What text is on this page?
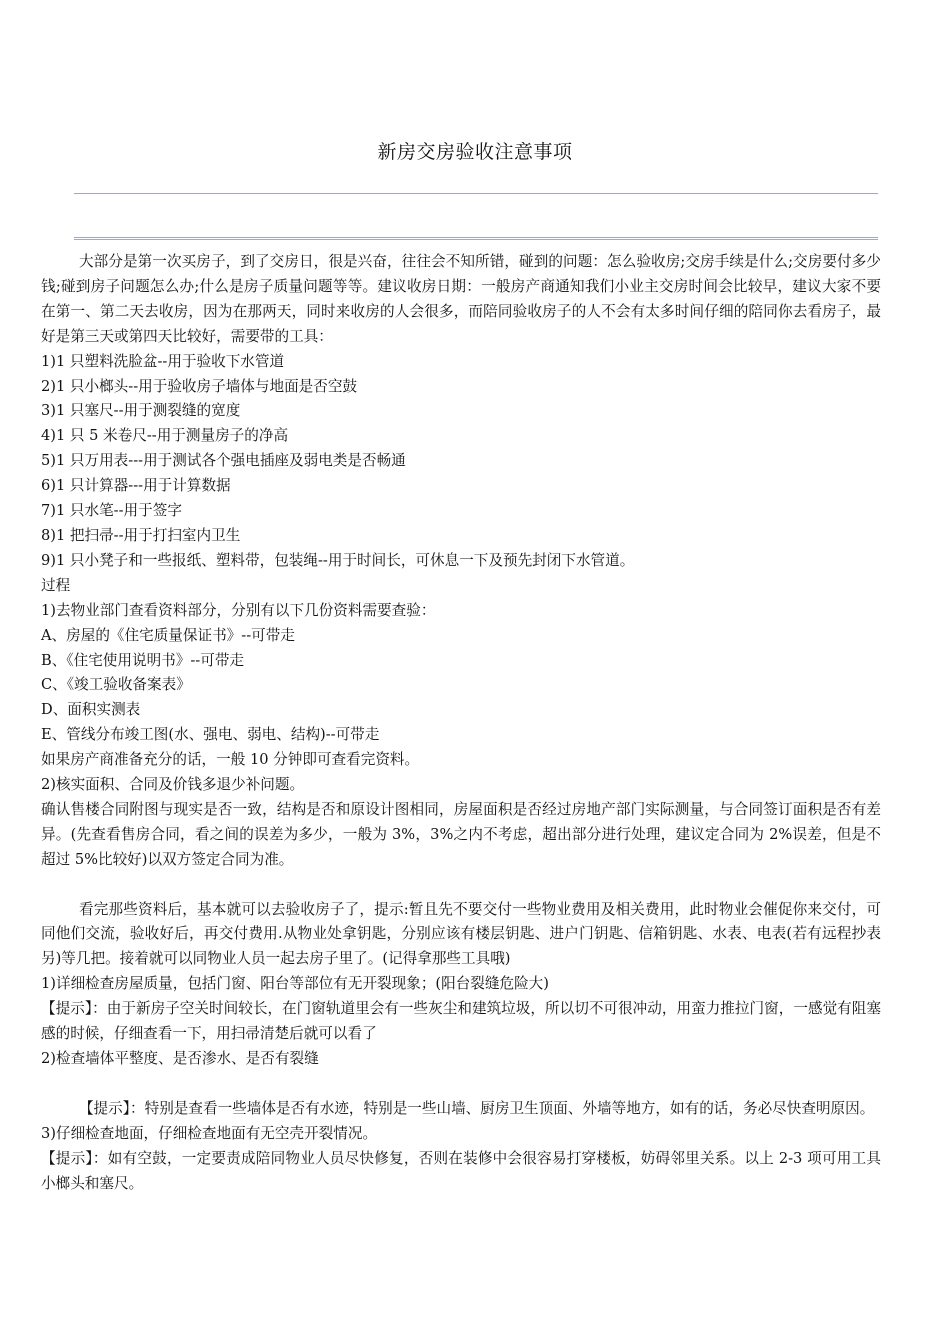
新房交房验收注意事项

大部分是第一次买房子，到了交房日，很是兴奋，往往会不知所错，碰到的问题：怎么验收房;交房手续是什么;交房要付多少钱;碰到房子问题怎么办;什么是房子质量问题等等。建议收房日期：一般房产商通知我们小业主交房时间会比较早，建议大家不要在第一、第二天去收房，因为在那两天，同时来收房的人会很多，而陪同验收房子的人不会有太多时间仔细的陪同你去看房子，最好是第三天或第四天比较好，需要带的工具：

1)1 只塑料洗脸盆--用于验收下水管道

2)1 只小榔头--用于验收房子墙体与地面是否空鼓

3)1 只塞尺--用于测裂缝的宽度

4)1 只 5 米卷尺--用于测量房子的净高

5)1 只万用表---用于测试各个强电插座及弱电类是否畅通

6)1 只计算器---用于计算数据

7)1 只水笔--用于签字

8)1 把扫帚--用于打扫室内卫生

9)1 只小凳子和一些报纸、塑料带，包装绳--用于时间长，可休息一下及预先封闭下水管道。

过程

1)去物业部门查看资料部分，分别有以下几份资料需要查验：

A、房屋的《住宅质量保证书》--可带走

B、《住宅使用说明书》--可带走

C、《竣工验收备案表》

D、面积实测表

E、管线分布竣工图(水、强电、弱电、结构)--可带走

如果房产商准备充分的话，一般 10 分钟即可查看完资料。

2)核实面积、合同及价钱多退少补问题。

确认售楼合同附图与现实是否一致，结构是否和原设计图相同，房屋面积是否经过房地产部门实际测量，与合同签订面积是否有差异。(先查看售房合同，看之间的误差为多少，一般为 3%，3%之内不考虑，超出部分进行处理，建议定合同为 2%误差，但是不超过 5%比较好)以双方签定合同为准。

看完那些资料后，基本就可以去验收房子了，提示:暂且先不要交付一些物业费用及相关费用，此时物业会催促你来交付，可同他们交流，验收好后，再交付费用.从物业处拿钥匙，分别应该有楼层钥匙、进户门钥匙、信箱钥匙、水表、电表(若有远程抄表另)等几把。接着就可以同物业人员一起去房子里了。(记得拿那些工具哦)

1)详细检查房屋质量，包括门窗、阳台等部位有无开裂现象；(阳台裂缝危险大)

【提示】：由于新房子空关时间较长，在门窗轨道里会有一些灰尘和建筑垃圾，所以切不可很冲动，用蛮力推拉门窗，一感觉有阻塞感的时候，仔细查看一下，用扫帚清楚后就可以看了

2)检查墙体平整度、是否渗水、是否有裂缝

【提示】：特别是查看一些墙体是否有水迹，特别是一些山墙、厨房卫生顶面、外墙等地方，如有的话，务必尽快查明原因。

3)仔细检查地面，仔细检查地面有无空壳开裂情况。

【提示】：如有空鼓，一定要责成陪同物业人员尽快修复，否则在装修中会很容易打穿楼板，妨碍邻里关系。以上 2-3 项可用工具小榔头和塞尺。
